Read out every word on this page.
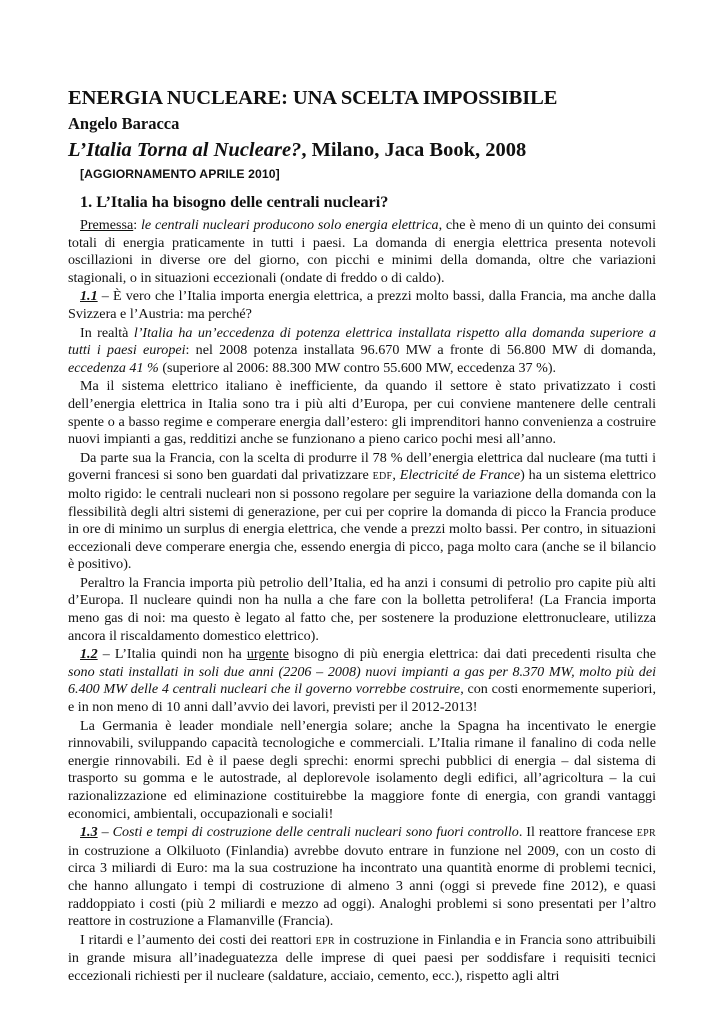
ENERGIA NUCLEARE: UNA SCELTA IMPOSSIBILE
Angelo Baracca
L’Italia Torna al Nucleare?, Milano, Jaca Book, 2008
[AGGIORNAMENTO APRILE 2010]
1. L’Italia ha bisogno delle centrali nucleari?

Premessa: le centrali nucleari producono solo energia elettrica, che è meno di un quinto dei consumi totali di energia praticamente in tutti i paesi. La domanda di energia elettrica presenta notevoli oscillazioni in diverse ore del giorno, con picchi e minimi della domanda, oltre che variazioni stagionali, o in situazioni eccezionali (ondate di freddo o di caldo).

1.1 – È vero che l’Italia importa energia elettrica, a prezzi molto bassi, dalla Francia, ma anche dalla Svizzera e l’Austria: ma perché?

In realtà l’Italia ha un’eccedenza di potenza elettrica installata rispetto alla domanda superiore a tutti i paesi europei: nel 2008 potenza installata 96.670 MW a fronte di 56.800 MW di domanda, eccedenza 41 % (superiore al 2006: 88.300 MW contro 55.600 MW, eccedenza 37 %).

Ma il sistema elettrico italiano è inefficiente, da quando il settore è stato privatizzato i costi dell’energia elettrica in Italia sono tra i più alti d’Europa, per cui conviene mantenere delle centrali spente o a basso regime e comperare energia dall’estero: gli imprenditori hanno convenienza a costruire nuovi impianti a gas, redditizi anche se funzionano a pieno carico pochi mesi all’anno.

Da parte sua la Francia, con la scelta di produrre il 78 % dell’energia elettrica dal nucleare (ma tutti i governi francesi si sono ben guardati dal privatizzare EDF, Electricité de France) ha un sistema elettrico molto rigido: le centrali nucleari non si possono regolare per seguire la variazione della domanda con la flessibilità degli altri sistemi di generazione, per cui per coprire la domanda di picco la Francia produce in ore di minimo un surplus di energia elettrica, che vende a prezzi molto bassi. Per contro, in situazioni eccezionali deve comperare energia che, essendo energia di picco, paga molto cara (anche se il bilancio è positivo).

Peraltro la Francia importa più petrolio dell’Italia, ed ha anzi i consumi di petrolio pro capite più alti d’Europa. Il nucleare quindi non ha nulla a che fare con la bolletta petrolifera! (La Francia importa meno gas di noi: ma questo è legato al fatto che, per sostenere la produzione elettronucleare, utilizza ancora il riscaldamento domestico elettrico).

1.2 – L’Italia quindi non ha urgente bisogno di più energia elettrica: dai dati precedenti risulta che sono stati installati in soli due anni (2206 – 2008) nuovi impianti a gas per 8.370 MW, molto più dei 6.400 MW delle 4 centrali nucleari che il governo vorrebbe costruire, con costi enormemente superiori, e in non meno di 10 anni dall’avvio dei lavori, previsti per il 2012-2013!

La Germania è leader mondiale nell’energia solare; anche la Spagna ha incentivato le energie rinnovabili, sviluppando capacità tecnologiche e commerciali. L’Italia rimane il fanalino di coda nelle energie rinnovabili. Ed è il paese degli sprechi: enormi sprechi pubblici di energia – dal sistema di trasporto su gomma e le autostrade, al deplorevole isolamento degli edifici, all’agricoltura – la cui razionalizzazione ed eliminazione costituirebbe la maggiore fonte di energia, con grandi vantaggi economici, ambientali, occupazionali e sociali!

1.3 – Costi e tempi di costruzione delle centrali nucleari sono fuori controllo. Il reattore francese EPR in costruzione a Olkiluoto (Finlandia) avrebbe dovuto entrare in funzione nel 2009, con un costo di circa 3 miliardi di Euro: ma la sua costruzione ha incontrato una quantità enorme di problemi tecnici, che hanno allungato i tempi di costruzione di almeno 3 anni (oggi si prevede fine 2012), e quasi raddoppiato i costi (più 2 miliardi e mezzo ad oggi). Analoghi problemi si sono presentati per l’altro reattore in costruzione a Flamanville (Francia).

I ritardi e l’aumento dei costi dei reattori EPR in costruzione in Finlandia e in Francia sono attribuibili in grande misura all’inadeguatezza delle imprese di quei paesi per soddisfare i requisiti tecnici eccezionali richiesti per il nucleare (saldature, acciaio, cemento, ecc.), rispetto agli altri
